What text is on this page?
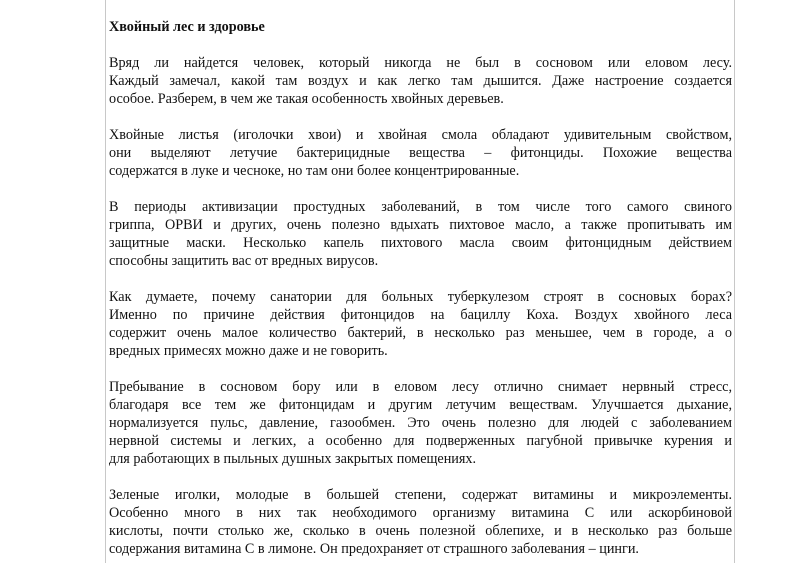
Хвойный лес и здоровье
Вряд ли найдется человек, который никогда не был в сосновом или еловом лесу.
Каждый замечал, какой там воздух и как легко там дышится. Даже настроение создается
особое. Разберем, в чем же такая особенность хвойных деревьев.
Хвойные листья (иголочки хвои) и хвойная смола обладают удивительным свойством,
они выделяют летучие бактерицидные вещества – фитонциды. Похожие вещества
содержатся в луке и чесноке, но там они более концентрированные.
В периоды активизации простудных заболеваний, в том числе того самого свиного
гриппа, ОРВИ и других, очень полезно вдыхать пихтовое масло, а также пропитывать им
защитные маски. Несколько капель пихтового масла своим фитонцидным действием
способны защитить вас от вредных вирусов.
Как думаете, почему санатории для больных туберкулезом строят в сосновых борах?
Именно по причине действия фитонцидов на бациллу Коха. Воздух хвойного леса
содержит очень малое количество бактерий, в несколько раз меньшее, чем в городе, а о
вредных примесях можно даже и не говорить.
Пребывание в сосновом бору или в еловом лесу отлично снимает нервный стресс,
благодаря все тем же фитонцидам и другим летучим веществам. Улучшается дыхание,
нормализуется пульс, давление, газообмен. Это очень полезно для людей с заболеванием
нервной системы и легких, а особенно для подверженных пагубной привычке курения и
для работающих в пыльных душных закрытых помещениях.
Зеленые иголки, молодые в большей степени, содержат витамины и микроэлементы.
Особенно много в них так необходимого организму витамина С или аскорбиновой
кислоты, почти столько же, сколько в очень полезной облепихе, и в несколько раз больше
содержания витамина С в лимоне. Он предохраняет от страшного заболевания – цинги.
